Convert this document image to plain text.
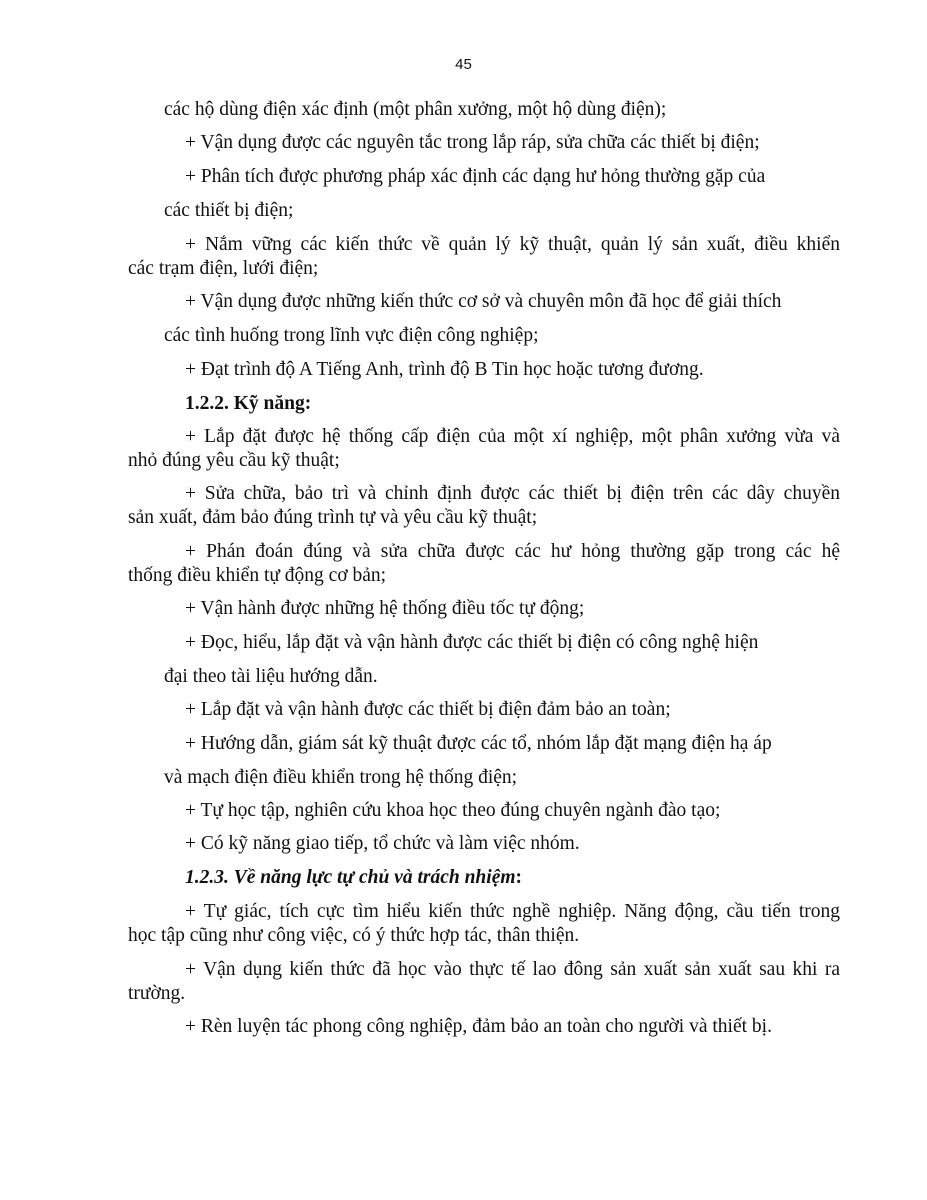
45
các hộ dùng điện xác định (một phân xưởng, một hộ dùng điện);
+ Vận dụng được các nguyên tắc trong lắp ráp, sửa chữa các thiết bị điện;
+ Phân tích được phương pháp xác định các dạng hư hỏng thường gặp của
các thiết bị điện;
+ Nắm vững các kiến thức về quản lý kỹ thuật, quản lý sản xuất, điều khiển
các trạm điện, lưới điện;
+ Vận dụng được những kiến thức cơ sở và chuyên môn đã học để giải thích
các tình huống trong lĩnh vực điện công nghiệp;
+ Đạt trình độ A Tiếng Anh, trình độ B Tin học hoặc tương đương.
1.2.2. Kỹ năng:
+ Lắp đặt được hệ thống cấp điện của một xí nghiệp, một phân xưởng vừa và
nhỏ đúng yêu cầu kỹ thuật;
+ Sửa chữa, bảo trì và chỉnh định được các thiết bị điện trên các dây chuyền
sản xuất, đảm bảo đúng trình tự và yêu cầu kỹ thuật;
+ Phán đoán đúng và sửa chữa được các hư hỏng thường gặp trong các hệ
thống điều khiển tự động cơ bản;
+ Vận hành được những hệ thống điều tốc tự động;
+ Đọc, hiểu, lắp đặt và vận hành được các thiết bị điện có công nghệ hiện
đại theo tài liệu hướng dẫn.
+ Lắp đặt và vận hành được các thiết bị điện đảm bảo an toàn;
+ Hướng dẫn, giám sát kỹ thuật được các tổ, nhóm lắp đặt mạng điện hạ áp
và mạch điện điều khiển trong hệ thống điện;
+ Tự học tập, nghiên cứu khoa học theo đúng chuyên ngành đào tạo;
+ Có kỹ năng giao tiếp, tổ chức và làm việc nhóm.
1.2.3. Về năng lực tự chủ và trách nhiệm:
+ Tự giác, tích cực tìm hiểu kiến thức nghề nghiệp. Năng động, cầu tiến trong
học tập cũng như công việc, có ý thức hợp tác, thân thiện.
+ Vận dụng kiến thức đã học vào thực tế lao đông sản xuất sản xuất sau khi ra
trường.
+ Rèn luyện tác phong công nghiệp, đảm bảo an toàn cho người và thiết bị.
